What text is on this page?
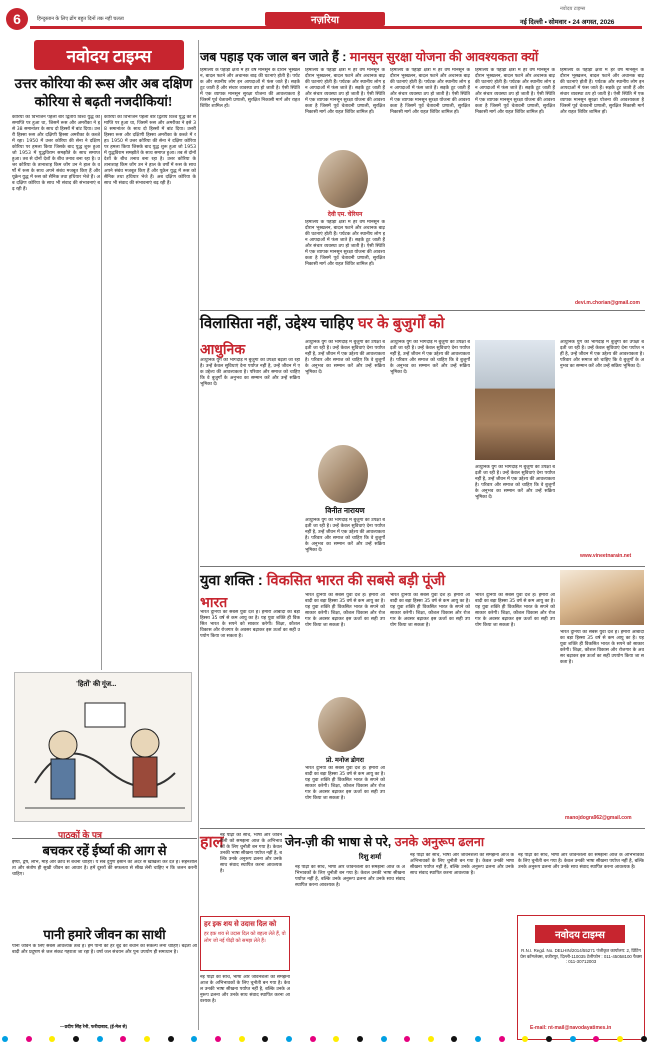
6	हिन्दुस्तान के लिए ढोंग बहुत दिनों तक नहीं चलता	नज़रिया
नवोदय टाइम्स
नई दिल्ली • सोमवार • 24 अगस्त, 2026
नवोदय टाइम्स
उत्तर कोरिया की रूस और अब दक्षिण कोरिया से बढ़ती नजदीकियां!
कोरिया का विभाजन पहली बार द्वितीय विश्व युद्ध की समाप्ति पर हुआ था, जिसमें रूस और अमरीका ने इसे 38 समानांतर के साथ दो हिस्सों में बांट दिया। उत्तरी हिस्सा रूस और दक्षिणी हिस्सा अमरीका के कब्जे में रहा। 1950 में उत्तर कोरिया की सेना ने दक्षिण कोरिया पर हमला किया जिसके बाद युद्ध शुरू हुआ जो 1953 में युद्धविराम समझौते के साथ समाप्त हुआ। तब से दोनों देशों के बीच तनाव बना रहा है। उत्तर कोरिया के तानाशाह किम जोंग उन ने हाल के वर्षों में रूस के साथ अपने संबंध मजबूत किए हैं और यूक्रेन युद्ध में रूस को सैनिक तथा हथियार भेजे हैं। अब दक्षिण कोरिया के साथ भी संवाद की संभावनाएं बढ़ रही हैं।
कोरिया का विभाजन पहली बार द्वितीय विश्व युद्ध की समाप्ति पर हुआ था, जिसमें रूस और अमरीका ने इसे 38 समानांतर के साथ दो हिस्सों में बांट दिया। उत्तरी हिस्सा रूस और दक्षिणी हिस्सा अमरीका के कब्जे में रहा। 1950 में उत्तर कोरिया की सेना ने दक्षिण कोरिया पर हमला किया जिसके बाद युद्ध शुरू हुआ जो 1953 में युद्धविराम समझौते के साथ समाप्त हुआ। तब से दोनों देशों के बीच तनाव बना रहा है। उत्तर कोरिया के तानाशाह किम जोंग उन ने हाल के वर्षों में रूस के साथ अपने संबंध मजबूत किए हैं और यूक्रेन युद्ध में रूस को सैनिक तथा हथियार भेजे हैं। अब दक्षिण कोरिया के साथ भी संवाद की संभावनाएं बढ़ रही हैं।
'हितों' की गूंज...
पाठकों के पत्र
बचकर रहें ईर्ष्या की आग से
ईर्ष्या, द्वेष, लोभ, मोह और क्रोध से बचना चाहिए। ये सब दुर्गुण इंसान को अंदर से खोखला कर देते हैं। सहनशीलता और संतोष ही सुखी जीवन का आधार है। हमें दूसरों की सफलता से सीख लेनी चाहिए न कि जलन करनी चाहिए।
पानी हमारे जीवन का साथी
पानी जीवन के लिए सबसे आवश्यक तत्व है। हमें पानी की हर बूंद को बचाने का संकल्प लेना चाहिए। बढ़ती आबादी और प्रदूषण से जल संकट गहराता जा रहा है। वर्षा जल संचयन और पुनः उपयोग ही समाधान है।
—प्रदीप सिंह रेनी, फरीदाबाद, (ई-मेल से)
जब पहाड़ एक जाल बन जाते हैं : मानसून सुरक्षा योजना की आवश्यकता क्यों
हिमालय के पहाड़ी क्षेत्रों में हर वर्ष मानसून के दौरान भूस्खलन, बादल फटने और अचानक बाढ़ की घटनाएं होती हैं। पर्यटक और स्थानीय लोग इन आपदाओं में फंस जाते हैं। सड़कें टूट जाती हैं और संचार व्यवस्था ठप हो जाती है। ऐसी स्थिति में एक व्यापक मानसून सुरक्षा योजना की आवश्यकता है जिसमें पूर्व चेतावनी प्रणाली, सुरक्षित निकासी मार्ग और राहत शिविर शामिल हों।
देवी एम. चेरियन
हिमालय के पहाड़ी क्षेत्रों में हर वर्ष मानसून के दौरान भूस्खलन, बादल फटने और अचानक बाढ़ की घटनाएं होती हैं। पर्यटक और स्थानीय लोग इन आपदाओं में फंस जाते हैं। सड़कें टूट जाती हैं और संचार व्यवस्था ठप हो जाती है। ऐसी स्थिति में एक व्यापक मानसून सुरक्षा योजना की आवश्यकता है जिसमें पूर्व चेतावनी प्रणाली, सुरक्षित निकासी मार्ग और राहत शिविर शामिल हों।
हिमालय के पहाड़ी क्षेत्रों में हर वर्ष मानसून के दौरान भूस्खलन, बादल फटने और अचानक बाढ़ की घटनाएं होती हैं। पर्यटक और स्थानीय लोग इन आपदाओं में फंस जाते हैं। सड़कें टूट जाती हैं और संचार व्यवस्था ठप हो जाती है। ऐसी स्थिति में एक व्यापक मानसून सुरक्षा योजना की आवश्यकता है जिसमें पूर्व चेतावनी प्रणाली, सुरक्षित निकासी मार्ग और राहत शिविर शामिल हों।
हिमालय के पहाड़ी क्षेत्रों में हर वर्ष मानसून के दौरान भूस्खलन, बादल फटने और अचानक बाढ़ की घटनाएं होती हैं। पर्यटक और स्थानीय लोग इन आपदाओं में फंस जाते हैं। सड़कें टूट जाती हैं और संचार व्यवस्था ठप हो जाती है। ऐसी स्थिति में एक व्यापक मानसून सुरक्षा योजना की आवश्यकता है जिसमें पूर्व चेतावनी प्रणाली, सुरक्षित निकासी मार्ग और राहत शिविर शामिल हों।
हिमालय के पहाड़ी क्षेत्रों में हर वर्ष मानसून के दौरान भूस्खलन, बादल फटने और अचानक बाढ़ की घटनाएं होती हैं। पर्यटक और स्थानीय लोग इन आपदाओं में फंस जाते हैं। सड़कें टूट जाती हैं और संचार व्यवस्था ठप हो जाती है। ऐसी स्थिति में एक व्यापक मानसून सुरक्षा योजना की आवश्यकता है जिसमें पूर्व चेतावनी प्रणाली, सुरक्षित निकासी मार्ग और राहत शिविर शामिल हों।
हिमालय के पहाड़ी क्षेत्रों में हर वर्ष मानसून के दौरान भूस्खलन, बादल फटने और अचानक बाढ़ की घटनाएं होती हैं। पर्यटक और स्थानीय लोग इन आपदाओं में फंस जाते हैं। सड़कें टूट जाती हैं और संचार व्यवस्था ठप हो जाती है। ऐसी स्थिति में एक व्यापक मानसून सुरक्षा योजना की आवश्यकता है जिसमें पूर्व चेतावनी प्रणाली, सुरक्षित निकासी मार्ग और राहत शिविर शामिल हों।
devi.m.chorian@gmail.com
विलासिता नहीं, उद्देश्य चाहिए घर के बुजुर्गों को
आधुनिक
आधुनिक युग की भागदौड़ में बुजुर्गों की उपेक्षा बढ़ती जा रही है। उन्हें केवल सुविधाएं देना पर्याप्त नहीं है, उन्हें जीवन में एक उद्देश्य की आवश्यकता है। परिवार और समाज को चाहिए कि वे बुजुर्गों के अनुभव का सम्मान करें और उन्हें सक्रिय भूमिका दें।
आधुनिक युग की भागदौड़ में बुजुर्गों की उपेक्षा बढ़ती जा रही है। उन्हें केवल सुविधाएं देना पर्याप्त नहीं है, उन्हें जीवन में एक उद्देश्य की आवश्यकता है। परिवार और समाज को चाहिए कि वे बुजुर्गों के अनुभव का सम्मान करें और उन्हें सक्रिय भूमिका दें।
विनीत नारायण
आधुनिक युग की भागदौड़ में बुजुर्गों की उपेक्षा बढ़ती जा रही है। उन्हें केवल सुविधाएं देना पर्याप्त नहीं है, उन्हें जीवन में एक उद्देश्य की आवश्यकता है। परिवार और समाज को चाहिए कि वे बुजुर्गों के अनुभव का सम्मान करें और उन्हें सक्रिय भूमिका दें।
आधुनिक युग की भागदौड़ में बुजुर्गों की उपेक्षा बढ़ती जा रही है। उन्हें केवल सुविधाएं देना पर्याप्त नहीं है, उन्हें जीवन में एक उद्देश्य की आवश्यकता है। परिवार और समाज को चाहिए कि वे बुजुर्गों के अनुभव का सम्मान करें और उन्हें सक्रिय भूमिका दें।
आधुनिक युग की भागदौड़ में बुजुर्गों की उपेक्षा बढ़ती जा रही है। उन्हें केवल सुविधाएं देना पर्याप्त नहीं है, उन्हें जीवन में एक उद्देश्य की आवश्यकता है। परिवार और समाज को चाहिए कि वे बुजुर्गों के अनुभव का सम्मान करें और उन्हें सक्रिय भूमिका दें।
आधुनिक युग की भागदौड़ में बुजुर्गों की उपेक्षा बढ़ती जा रही है। उन्हें केवल सुविधाएं देना पर्याप्त नहीं है, उन्हें जीवन में एक उद्देश्य की आवश्यकता है। परिवार और समाज को चाहिए कि वे बुजुर्गों के अनुभव का सम्मान करें और उन्हें सक्रिय भूमिका दें।
www.vineetnarain.net
युवा शक्ति : विकसित भारत की सबसे बड़ी पूंजी
भारत
भारत दुनिया का सबसे युवा देश है। हमारी आबादी का बड़ा हिस्सा 35 वर्ष से कम आयु का है। यह युवा शक्ति ही विकसित भारत के सपने को साकार करेगी। शिक्षा, कौशल विकास और रोजगार के अवसर बढ़ाकर इस ऊर्जा का सही उपयोग किया जा सकता है।
भारत दुनिया का सबसे युवा देश है। हमारी आबादी का बड़ा हिस्सा 35 वर्ष से कम आयु का है। यह युवा शक्ति ही विकसित भारत के सपने को साकार करेगी। शिक्षा, कौशल विकास और रोजगार के अवसर बढ़ाकर इस ऊर्जा का सही उपयोग किया जा सकता है।
प्रो. मनोज डोगरा
भारत दुनिया का सबसे युवा देश है। हमारी आबादी का बड़ा हिस्सा 35 वर्ष से कम आयु का है। यह युवा शक्ति ही विकसित भारत के सपने को साकार करेगी। शिक्षा, कौशल विकास और रोजगार के अवसर बढ़ाकर इस ऊर्जा का सही उपयोग किया जा सकता है।
भारत दुनिया का सबसे युवा देश है। हमारी आबादी का बड़ा हिस्सा 35 वर्ष से कम आयु का है। यह युवा शक्ति ही विकसित भारत के सपने को साकार करेगी। शिक्षा, कौशल विकास और रोजगार के अवसर बढ़ाकर इस ऊर्जा का सही उपयोग किया जा सकता है।
भारत दुनिया का सबसे युवा देश है। हमारी आबादी का बड़ा हिस्सा 35 वर्ष से कम आयु का है। यह युवा शक्ति ही विकसित भारत के सपने को साकार करेगी। शिक्षा, कौशल विकास और रोजगार के अवसर बढ़ाकर इस ऊर्जा का सही उपयोग किया जा सकता है।
भारत दुनिया का सबसे युवा देश है। हमारी आबादी का बड़ा हिस्सा 35 वर्ष से कम आयु का है। यह युवा शक्ति ही विकसित भारत के सपने को साकार करेगी। शिक्षा, कौशल विकास और रोजगार के अवसर बढ़ाकर इस ऊर्जा का सही उपयोग किया जा सकता है।
manojdogra962@gmail.com
हाल	जेन-ज़ी की भाषा से परे, उनके अनुरूप ढलना
नई पीढ़ी की सोच, भाषा और जीवनशैली को समझना आज के अभिभावकों के लिए चुनौती बन गया है। केवल उनकी भाषा सीखना पर्याप्त नहीं है, बल्कि उनके अनुरूप ढलना और उनके साथ संवाद स्थापित करना आवश्यक है।
हर इक शय से उदास दिल को
हर इक शय से उदास दिल को बहला लेते हैं, वो लोग जो नई पीढ़ी को समझ लेते हैं।
नई पीढ़ी की सोच, भाषा और जीवनशैली को समझना आज के अभिभावकों के लिए चुनौती बन गया है। केवल उनकी भाषा सीखना पर्याप्त नहीं है, बल्कि उनके अनुरूप ढलना और उनके साथ संवाद स्थापित करना आवश्यक है।
रिशु शर्मा
नई पीढ़ी की सोच, भाषा और जीवनशैली को समझना आज के अभिभावकों के लिए चुनौती बन गया है। केवल उनकी भाषा सीखना पर्याप्त नहीं है, बल्कि उनके अनुरूप ढलना और उनके साथ संवाद स्थापित करना आवश्यक है।
नई पीढ़ी की सोच, भाषा और जीवनशैली को समझना आज के अभिभावकों के लिए चुनौती बन गया है। केवल उनकी भाषा सीखना पर्याप्त नहीं है, बल्कि उनके अनुरूप ढलना और उनके साथ संवाद स्थापित करना आवश्यक है।
नई पीढ़ी की सोच, भाषा और जीवनशैली को समझना आज के अभिभावकों के लिए चुनौती बन गया है। केवल उनकी भाषा सीखना पर्याप्त नहीं है, बल्कि उनके अनुरूप ढलना और उनके साथ संवाद स्थापित करना आवश्यक है।
नवोदय टाइम्स
R.N.I. Regd. No. DELHIN/2014/55271 पंजीकृत कार्यालय: 2, प्रिंटिंग प्रेस कॉम्प्लेक्स, वजीरपुर, दिल्ली-110035 टेलीफोन : 011-45058100 फैक्स : 011-30712003
E-mail: nt-mail@navodayatimes.in
